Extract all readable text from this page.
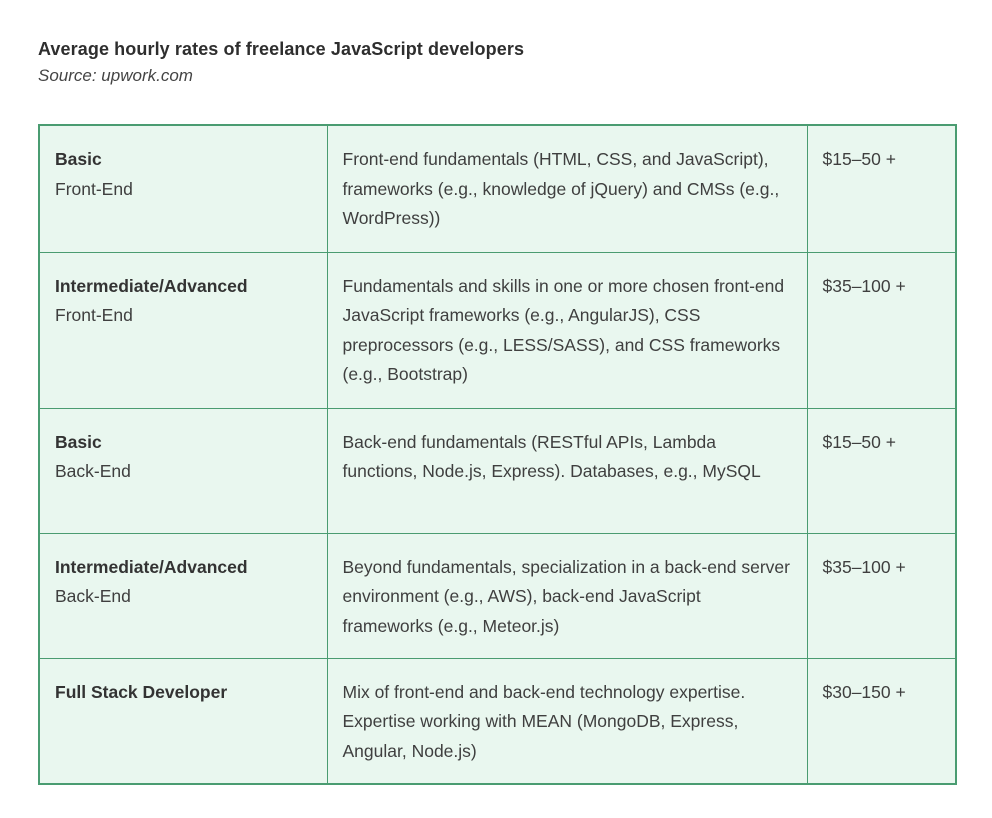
Average hourly rates of freelance JavaScript developers
Source: upwork.com
Basic
Front-End	Front-end fundamentals (HTML, CSS, and JavaScript), frameworks (e.g., knowledge of jQuery) and CMSs (e.g., WordPress))	$15–50 +

Intermediate/Advanced
Front-End	Fundamentals and skills in one or more chosen front-end JavaScript frameworks (e.g., AngularJS), CSS preprocessors (e.g., LESS/SASS), and CSS frameworks (e.g., Bootstrap)	$35–100 +

Basic
Back-End	Back-end fundamentals (RESTful APIs, Lambda functions, Node.js, Express). Databases, e.g., MySQL	$15–50 +

Intermediate/Advanced
Back-End	Beyond fundamentals, specialization in a back-end server environment (e.g., AWS), back-end JavaScript frameworks (e.g., Meteor.js)	$35–100 +

Full Stack Developer	Mix of front-end and back-end technology expertise. Expertise working with MEAN (MongoDB, Express, Angular, Node.js)	$30–150 +
